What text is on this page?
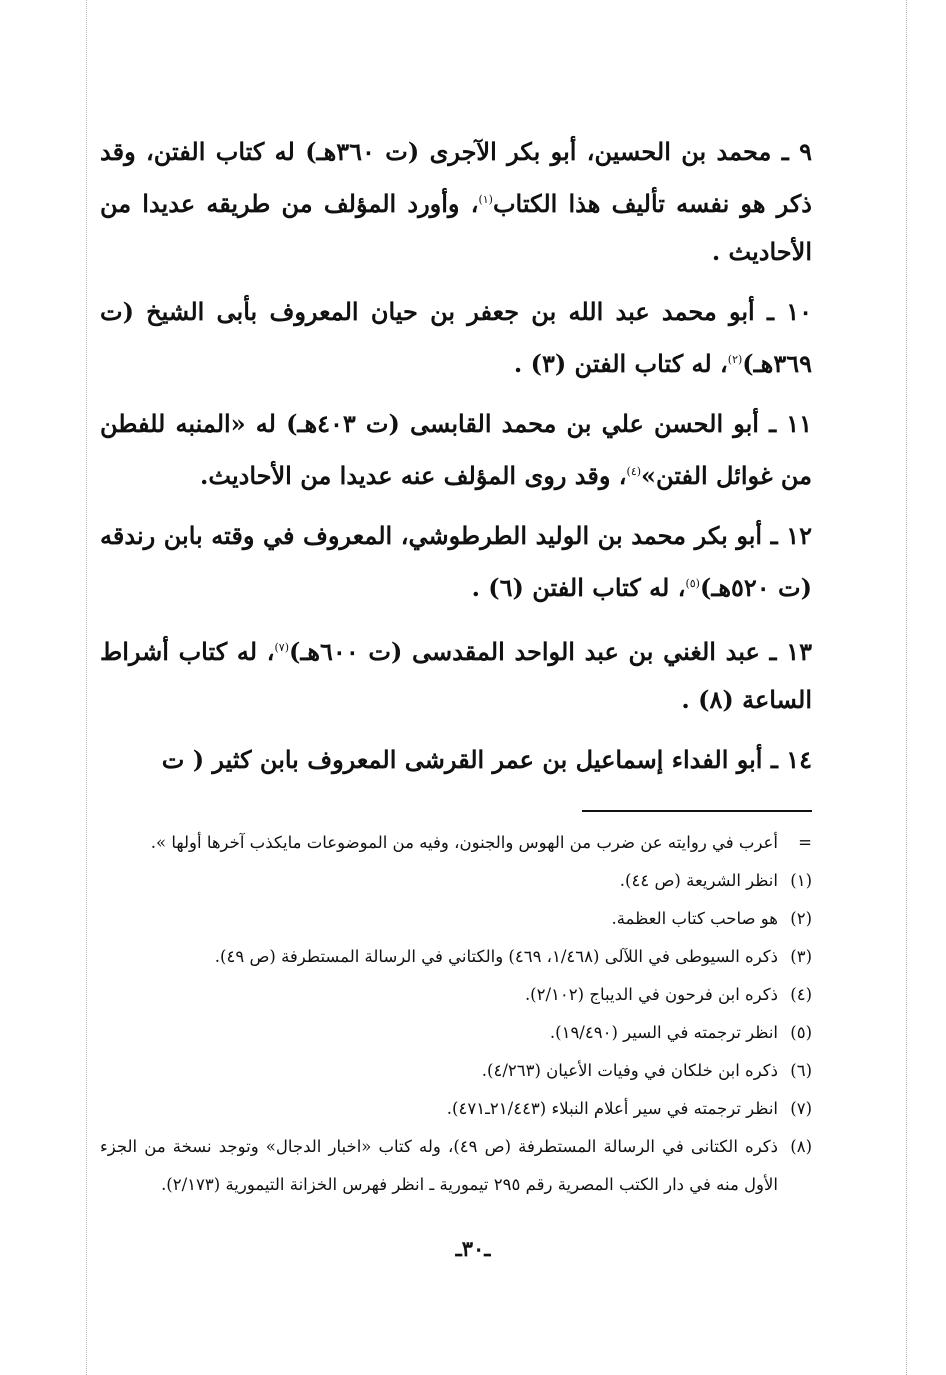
٩ ـ محمد بن الحسين، أبو بكر الآجرى (ت ٣٦٠هـ) له كتاب الفتن، وقد ذكر هو نفسه تأليف هذا الكتاب$^{(١)}$، وأورد المؤلف من طريقه عديدا من الأحاديث .

١٠ ـ أبو محمد عبد الله بن جعفر بن حيان المعروف بأبى الشيخ (ت ٣٦٩هـ)$^{(٢)}$، له كتاب الفتن (٣) .

١١ ـ أبو الحسن علي بن محمد القابسى (ت ٤٠٣هـ) له «المنبه للفطن من غوائل الفتن»$^{(٤)}$، وقد روى المؤلف عنه عديدا من الأحاديث.

١٢ ـ أبو بكر محمد بن الوليد الطرطوشي، المعروف في وقته بابن رندقه (ت ٥٢٠هـ)$^{(٥)}$، له كتاب الفتن (٦) .

١٣ ـ عبد الغني بن عبد الواحد المقدسى (ت ٦٠٠هـ)$^{(٧)}$، له كتاب أشراط الساعة (٨) .

١٤ ـ أبو الفداء إسماعيل بن عمر القرشى المعروف بابن كثير ( ت

=
أعرب في روايته عن ضرب من الهوس والجنون، وفيه من الموضوعات مايكذب آخرها أولها ».
(١)
انظر الشريعة (ص ٤٤).
(٢)
هو صاحب كتاب العظمة.
(٣)
ذكره السيوطى في اللآلى (١/٤٦٨، ٤٦٩) والكتاني في الرسالة المستطرفة (ص ٤٩).
(٤)
ذكره ابن فرحون في الديباج (٢/١٠٢).
(٥)
انظر ترجمته في السير (١٩/٤٩٠).
(٦)
ذكره ابن خلكان في وفيات الأعيان (٤/٢٦٣).
(٧)
انظر ترجمته في سير أعلام النبلاء (٢١/٤٤٣ـ٤٧١).
(٨)
ذكره الكتانى في الرسالة المستطرفة (ص ٤٩)، وله كتاب «اخبار الدجال» وتوجد نسخة من الجزء الأول منه في دار الكتب المصرية رقم ٢٩٥ تيمورية ـ انظر فهرس الخزانة التيمورية (٢/١٧٣).
ـ٣٠ـ
